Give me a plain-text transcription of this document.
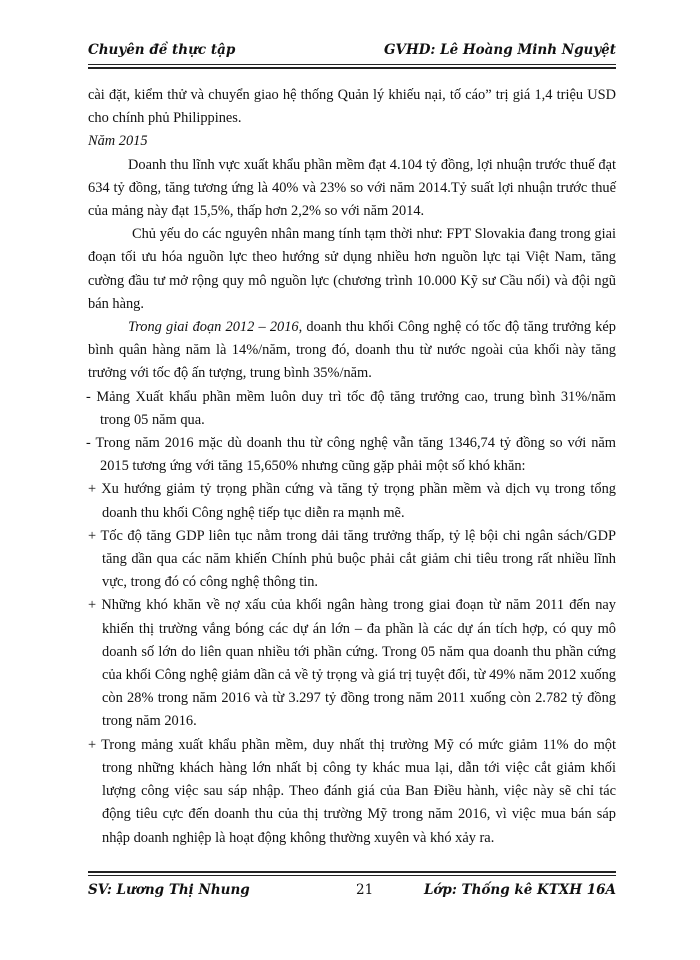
Chuyên đề thực tập	GVHD: Lê Hoàng Minh Nguyệt

cài đặt, kiểm thử và chuyển giao hệ thống Quản lý khiếu nại, tố cáo” trị giá 1,4 triệu USD cho chính phủ Philippines.

Năm 2015

Doanh thu lĩnh vực xuất khẩu phần mềm đạt 4.104 tỷ đồng, lợi nhuận trước thuế đạt 634 tỷ đồng, tăng tương ứng là 40% và 23% so với năm 2014.Tỷ suất lợi nhuận trước thuế của mảng này đạt 15,5%, thấp hơn 2,2% so với năm 2014.

Chủ yếu do các nguyên nhân mang tính tạm thời như: FPT Slovakia đang trong giai đoạn tối ưu hóa nguồn lực theo hướng sử dụng nhiều hơn nguồn lực tại Việt Nam, tăng cường đầu tư mở rộng quy mô nguồn lực (chương trình 10.000 Kỹ sư Cầu nối) và đội ngũ bán hàng.

Trong giai đoạn 2012 – 2016, doanh thu khối Công nghệ có tốc độ tăng trưởng kép bình quân hàng năm là 14%/năm, trong đó, doanh thu từ nước ngoài của khối này tăng trưởng với tốc độ ấn tượng, trung bình 35%/năm.

- Mảng Xuất khẩu phần mềm luôn duy trì tốc độ tăng trưởng cao, trung bình 31%/năm trong 05 năm qua.

- Trong năm 2016 mặc dù doanh thu từ công nghệ vẫn tăng 1346,74 tỷ đồng so với năm 2015 tương ứng với tăng 15,650% nhưng cũng gặp phải một số khó khăn:

+ Xu hướng giảm tỷ trọng phần cứng và tăng tỷ trọng phần mềm và dịch vụ trong tổng doanh thu khối Công nghệ tiếp tục diễn ra mạnh mẽ.

+ Tốc độ tăng GDP liên tục nằm trong dải tăng trưởng thấp, tỷ lệ bội chi ngân sách/GDP tăng dần qua các năm khiến Chính phủ buộc phải cắt giảm chi tiêu trong rất nhiều lĩnh vực, trong đó có công nghệ thông tin.

+ Những khó khăn về nợ xấu của khối ngân hàng trong giai đoạn từ năm 2011 đến nay khiến thị trường vắng bóng các dự án lớn – đa phần là các dự án tích hợp, có quy mô doanh số lớn do liên quan nhiều tới phần cứng. Trong 05 năm qua doanh thu phần cứng của khối Công nghệ giảm dần cả về tỷ trọng và giá trị tuyệt đối, từ 49% năm 2012 xuống còn 28% trong năm 2016 và từ 3.297 tỷ đồng trong năm 2011 xuống còn 2.782 tỷ đồng trong năm 2016.

+ Trong mảng xuất khẩu phần mềm, duy nhất thị trường Mỹ có mức giảm 11% do một trong những khách hàng lớn nhất bị công ty khác mua lại, dẫn tới việc cắt giảm khối lượng công việc sau sáp nhập. Theo đánh giá của Ban Điều hành, việc này sẽ chỉ tác động tiêu cực đến doanh thu của thị trường Mỹ trong năm 2016, vì việc mua bán sáp nhập doanh nghiệp là hoạt động không thường xuyên và khó xảy ra.

SV: Lương Thị Nhung	21	Lớp: Thống kê KTXH 16A
